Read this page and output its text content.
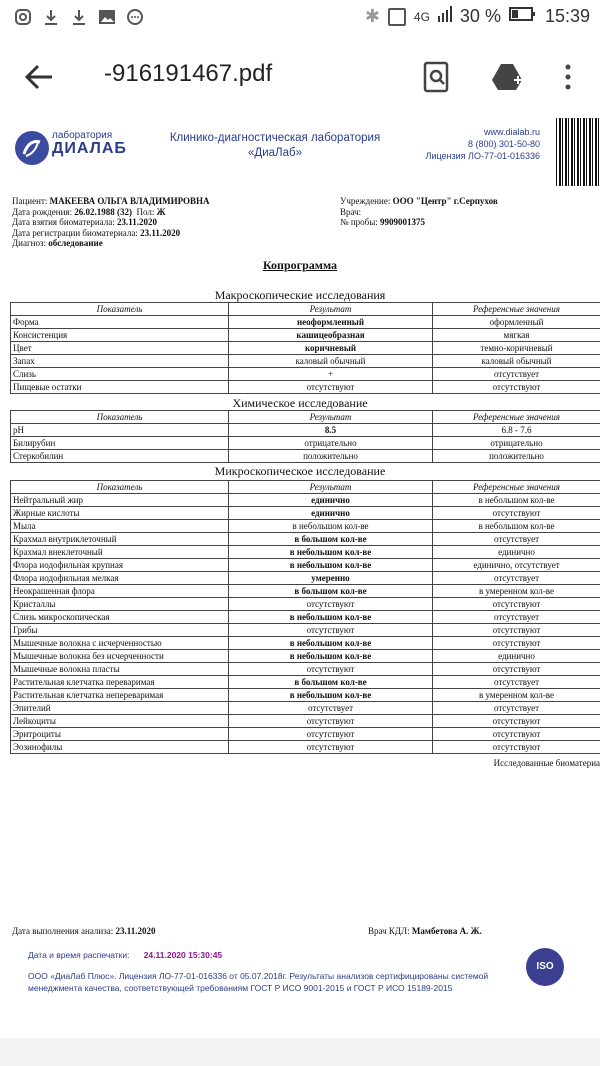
✱	4G 30 % 15:39
-916191467.pdf
лаборатория
ДИАЛАБ
Клинико-диагностическая лаборатория
«ДиаЛаб»
www.dialab.ru
8 (800) 301-50-80
Лицензия ЛО-77-01-016336
Пациент: МАКЕЕВА ОЛЬГА ВЛАДИМИРОВНА
Дата рождения: 26.02.1988 (32) Пол: Ж
Дата взятия биоматериала: 23.11.2020
Дата регистрации биоматериала: 23.11.2020
Диагноз: обследование
Учреждение: ООО "Центр" г.Серпухов
Врач:
№ пробы: 9909001375
Копрограмма
Макроскопические исследования
Показатель	Результат	Референсные значения
Форма	неоформленный	оформленный
Консистенция	кашицеобразная	мягкая
Цвет	коричневый	темно-коричневый
Запах	каловый обычный	каловый обычный
Слизь	+	отсутствует
Пищевые остатки	отсутствуют	отсутствуют
Химическое исследование
Показатель	Результат	Референсные значения
pH	8.5	6.8 - 7.6
Билирубин	отрицательно	отрицательно
Стеркобилин	положительно	положительно
Микроскопическое исследование
Показатель	Результат	Референсные значения
Нейтральный жир	единично	в небольшом кол-ве
Жирные кислоты	единично	отсутствуют
Мыла	в небольшом кол-ве	в небольшом кол-ве
Крахмал внутриклеточный	в большом кол-ве	отсутствует
Крахмал внеклеточный	в небольшом кол-ве	единично
Флора иодофильная крупная	в небольшом кол-ве	единично, отсутствует
Флора иодофильная мелкая	умеренно	отсутствует
Неокрашенная флора	в большом кол-ве	в умеренном кол-ве
Кристаллы	отсутствуют	отсутствуют
Слизь микроскопическая	в небольшом кол-ве	отсутствует
Грибы	отсутствуют	отсутствуют
Мышечные волокна с исчерченностью	в небольшом кол-ве	отсутствуют
Мышечные волокна без исчерченности	в небольшом кол-ве	единично
Мышечные волокна пласты	отсутствуют	отсутствуют
Растительная клетчатка переваримая	в большом кол-ве	отсутствует
Растительная клетчатка непереваримая	в небольшом кол-ве	в умеренном кол-ве
Эпителий	отсутствует	отсутствует
Лейкоциты	отсутствуют	отсутствуют
Эритроциты	отсутствуют	отсутствуют
Эозинофилы	отсутствуют	отсутствуют
Исследованные биоматериа
Дата выполнения анализа: 23.11.2020	Врач КДЛ: Мамбетова А. Ж.
Дата и время распечатки: 24.11.2020 15:30:45
ООО «ДиаЛаб Плюс». Лицензия ЛО-77-01-016336 от 05.07.2018г. Результаты анализов сертифицированы системой менеджмента качества, соответствующей требованиям ГОСТ Р ИСО 9001-2015 и ГОСТ Р ИСО 15189-2015
ISO
